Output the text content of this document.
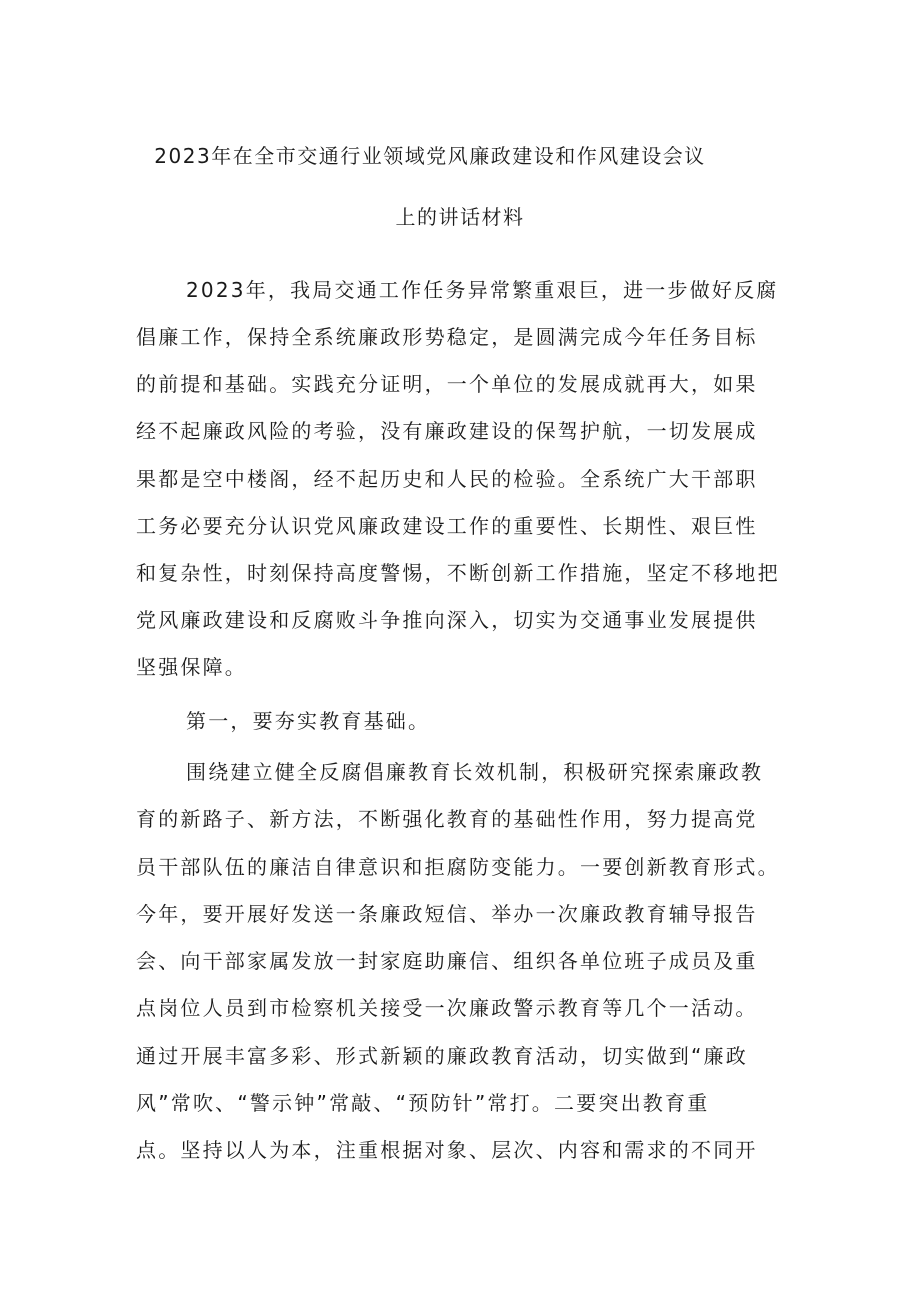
2023年在全市交通行业领域党风廉政建设和作风建设会议
上的讲话材料

2023年，我局交通工作任务异常繁重艰巨，进一步做好反腐

倡廉工作，保持全系统廉政形势稳定，是圆满完成今年任务目标

的前提和基础。实践充分证明，一个单位的发展成就再大，如果

经不起廉政风险的考验，没有廉政建设的保驾护航，一切发展成

果都是空中楼阁，经不起历史和人民的检验。全系统广大干部职

工务必要充分认识党风廉政建设工作的重要性、长期性、艰巨性

和复杂性，时刻保持高度警惕，不断创新工作措施，坚定不移地把

党风廉政建设和反腐败斗争推向深入，切实为交通事业发展提供

坚强保障。

第一，要夯实教育基础。

围绕建立健全反腐倡廉教育长效机制，积极研究探索廉政教

育的新路子、新方法，不断强化教育的基础性作用，努力提高党

员干部队伍的廉洁自律意识和拒腐防变能力。一要创新教育形式。

今年，要开展好发送一条廉政短信、举办一次廉政教育辅导报告

会、向干部家属发放一封家庭助廉信、组织各单位班子成员及重

点岗位人员到市检察机关接受一次廉政警示教育等几个一活动。

通过开展丰富多彩、形式新颖的廉政教育活动，切实做到“廉政

风”常吹、“警示钟”常敲、“预防针”常打。二要突出教育重

点。坚持以人为本，注重根据对象、层次、内容和需求的不同开
